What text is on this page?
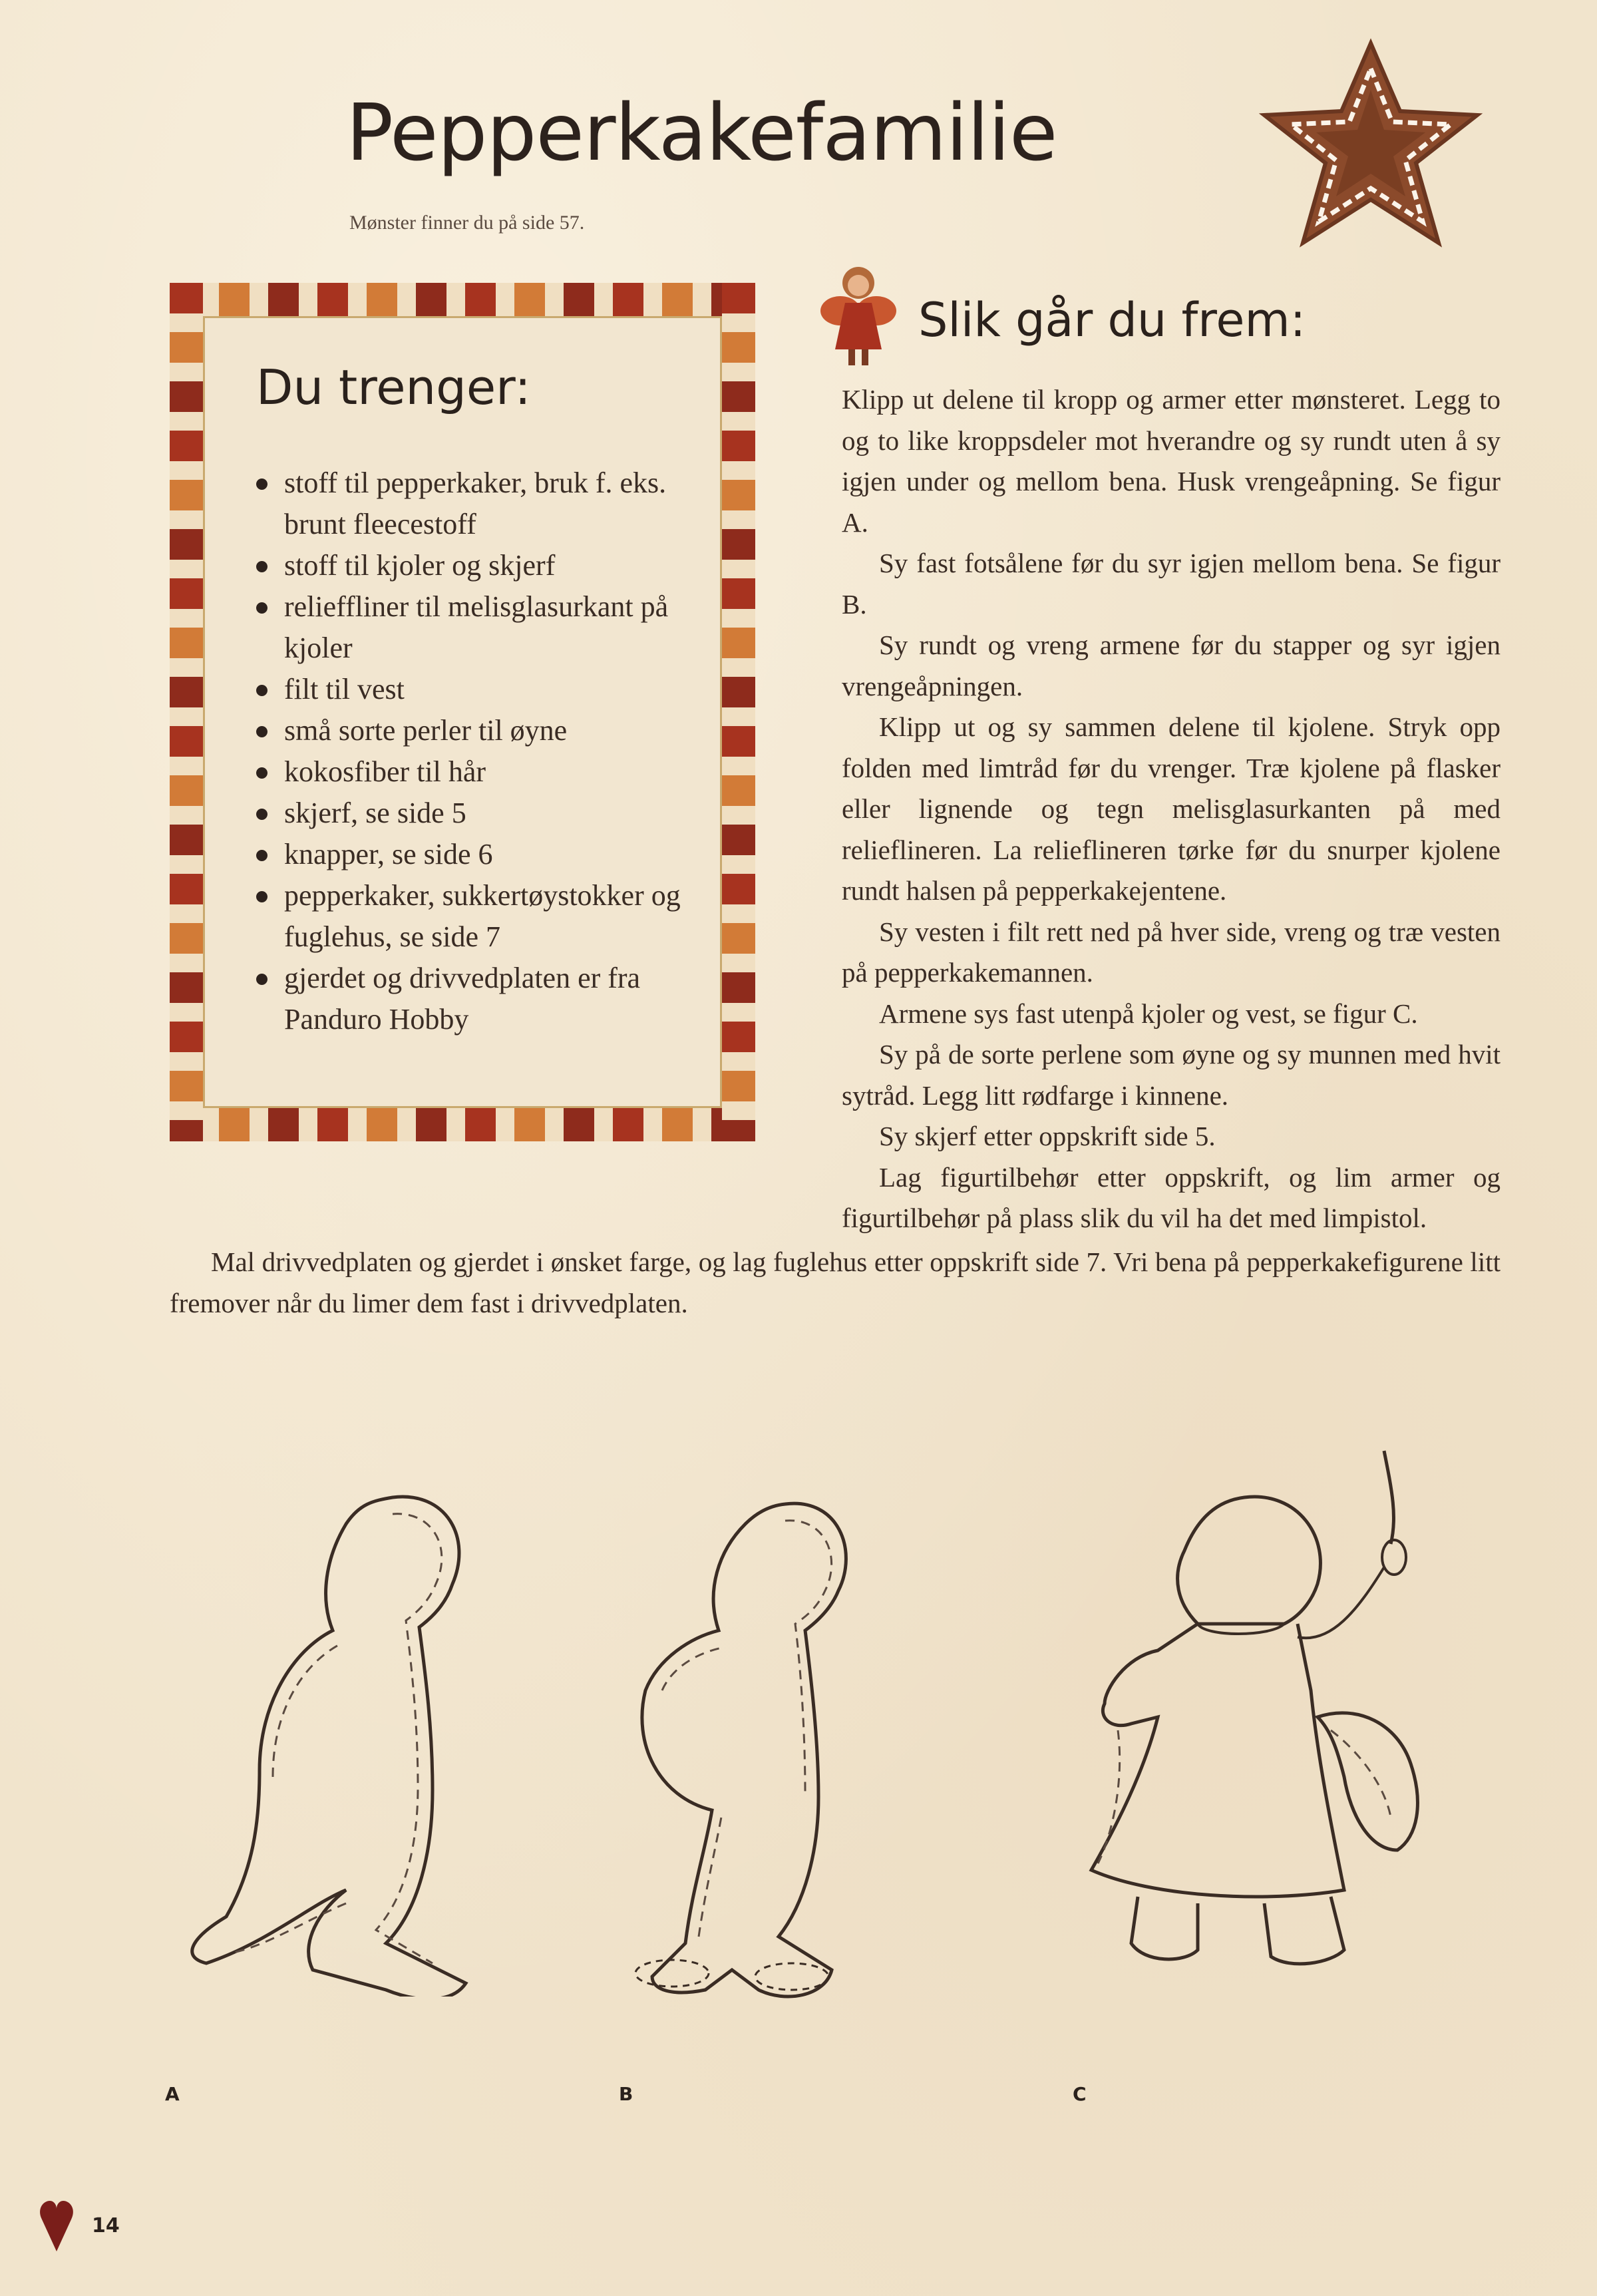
Pepperkakefamilie
Mønster finner du på side 57.
Du trenger:
stoff til pepperkaker, bruk f. eks. brunt fleecestoff
stoff til kjoler og skjerf
relieffliner til melisglasurkant på kjoler
filt til vest
små sorte perler til øyne
kokosfiber til hår
skjerf, se side 5
knapper, se side 6
pepperkaker, sukkertøystokker og fuglehus, se side 7
gjerdet og drivvedplaten er fra Panduro Hobby
Slik går du frem:

Klipp ut delene til kropp og armer etter mønsteret. Legg to og to like kroppsdeler mot hverandre og sy rundt uten å sy igjen under og mellom bena. Husk vrengeåpning. Se figur A.

Sy fast fotsålene før du syr igjen mellom bena. Se figur B.

Sy rundt og vreng armene før du stapper og syr igjen vrengeåpningen.

Klipp ut og sy sammen delene til kjolene. Stryk opp folden med limtråd før du vrenger. Træ kjolene på flasker eller lignende og tegn melisglasurkanten på med relieflineren. La relieflineren tørke før du snurper kjolene rundt halsen på pepperkakejentene.

Sy vesten i filt rett ned på hver side, vreng og træ vesten på pepperkakemannen.

Armene sys fast utenpå kjoler og vest, se figur C.

Sy på de sorte perlene som øyne og sy munnen med hvit sytråd. Legg litt rødfarge i kinnene.

Sy skjerf etter oppskrift side 5.

Lag figurtilbehør etter oppskrift, og lim armer og figurtilbehør på plass slik du vil ha det med limpistol.

Mal drivvedplaten og gjerdet i ønsket farge, og lag fuglehus etter oppskrift side 7. Vri bena på pepperkakefigurene litt fremover når du limer dem fast i drivvedplaten.

A	B	C
14
